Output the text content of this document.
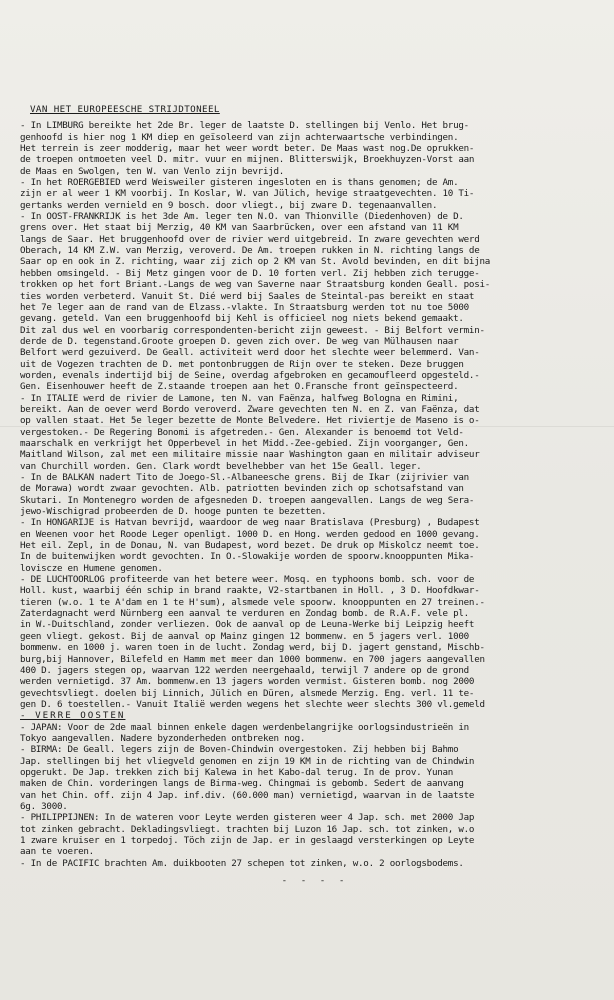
VAN HET EUROPEESCHE STRIJDTONEEL

- In LIMBURG bereikte het 2de Br. leger de laatste D. stellingen bij Venlo. Het brug-
genhoofd is hier nog 1 KM diep en geïsoleerd van zijn achterwaartsche verbindingen.
Het terrein is zeer modderig, maar het weer wordt beter. De Maas wast nog.De oprukken-
de troepen ontmoeten veel D. mitr. vuur en mijnen. Blitterswijk, Broekhuyzen-Vorst aan
de Maas en Swolgen, ten W. van Venlo zijn bevrijd.

- In het ROERGEBIED werd Weisweiler gisteren ingesloten en is thans genomen; de Am.
zijn er al weer 1 KM voorbij. In Koslar, W. van Jülich, hevige straatgevechten. 10 Ti-
gertanks werden vernield en 9 bosch. door vliegt., bij zware D. tegenaanvallen.

- In OOST-FRANKRIJK is het 3de Am. leger ten N.O. van Thionville (Diedenhoven) de D.
grens over. Het staat bij Merzig, 40 KM van Saarbrücken, over een afstand van 11 KM
langs de Saar. Het bruggenhoofd over de rivier werd uitgebreid. In zware gevechten werd
Oberach, 14 KM Z.W. van Merzig, veroverd. De Am. troepen rukken in N. richting langs de
Saar op en ook in Z. richting, waar zij zich op 2 KM van St. Avold bevinden, en dit bijna
hebben omsingeld. - Bij Metz gingen voor de D. 10 forten verl. Zij hebben zich terugge-
trokken op het fort Briant.-Langs de weg van Saverne naar Straatsburg konden Geall. posi-
ties worden verbeterd. Vanuit St. Dié werd bij Saales de Steintal-pas bereikt en staat
het 7e leger aan de rand van de Elzass.-vlakte. In Straatsburg werden tot nu toe 5000
gevang. geteld. Van een bruggenhoofd bij Kehl is officieel nog niets bekend gemaakt.
Dit zal dus wel en voorbarig correspondenten-bericht zijn geweest. - Bij Belfort vermin-
derde de D. tegenstand.Groote groepen D. geven zich over. De weg van Mülhausen naar
Belfort werd gezuiverd. De Geall. activiteit werd door het slechte weer belemmerd. Van-
uit de Vogezen trachten de D. met pontonbruggen de Rijn over te steken. Deze bruggen
worden, evenals indertijd bij de Seine, overdag afgebroken en gecamoufleerd opgesteld.-
Gen. Eisenhouwer heeft de Z.staande troepen aan het O.Fransche front geïnspecteerd.

- In ITALIE werd de rivier de Lamone, ten N. van Faënza, halfweg Bologna en Rimini,
bereikt. Aan de oever werd Bordo veroverd. Zware gevechten ten N. en Z. van Faënza, dat
op vallen staat. Het 5e leger bezette de Monte Belvedere. Het riviertje de Maseno is o-
vergestoken.- De Regering Bonomi is afgetreden.- Gen. Alexander is benoemd tot Veld-
maarschalk en verkrijgt het Opperbevel in het Midd.-Zee-gebied. Zijn voorganger, Gen.
Maitland Wilson, zal met een militaire missie naar Washington gaan en militair adviseur
van Churchill worden. Gen. Clark wordt bevelhebber van het 15e Geall. leger.

- In de BALKAN nadert Tito de Joego-Sl.-Albaneesche grens. Bij de Ikar (zijrivier van
de Morawa) wordt zwaar gevochten. Alb. patriotten bevinden zich op schotsafstand van
Skutari. In Montenegro worden de afgesneden D. troepen aangevallen. Langs de weg Sera-
jewo-Wischigrad probeerden de D. hooge punten te bezetten.

- In HONGARIJE is Hatvan bevrijd, waardoor de weg naar Bratislava (Presburg) , Budapest
en Weenen voor het Roode Leger openligt. 1000 D. en Hong. werden gedood en 1000 gevang.
Het eil. Zepl, in de Donau, N. van Budapest, word bezet. De druk op Miskolcz neemt toe.
In de buitenwijken wordt gevochten. In O.-Slowakije worden de spoorw.knooppunten Mika-
loviscze en Humene genomen.

- DE LUCHTOORLOG profiteerde van het betere weer. Mosq. en typhoons bomb. sch. voor de
Holl. kust, waarbij één schip in brand raakte, V2-startbanen in Holl. , 3 D. Hoofdkwar-
tieren (w.o. 1 te A'dam en 1 te H'sum), alsmede vele spoorw. knooppunten en 27 treinen.-
Zaterdagnacht werd Nürnberg een aanval te verduren en Zondag bomb. de R.A.F. vele pl.
in W.-Duitschland, zonder verliezen. Ook de aanval op de Leuna-Werke bij Leipzig heeft
geen vliegt. gekost. Bij de aanval op Mainz gingen 12 bommenw. en 5 jagers verl. 1000
bommenw. en 1000 j. waren toen in de lucht. Zondag werd, bij D. jagert genstand, Mischb-
burg,bij Hannover, Bilefeld en Hamm met meer dan 1000 bommenw. en 700 jagers aangevallen
400 D. jagers stegen op, waarvan 122 werden neergehaald, terwijl 7 andere op de grond
werden vernietigd. 37 Am. bommenw.en 13 jagers worden vermist. Gisteren bomb. nog 2000
gevechtsvliegt. doelen bij Linnich, Jülich en Düren, alsmede Merzig. Eng. verl. 11 te-
gen D. 6 toestellen.- Vanuit Italië werden wegens het slechte weer slechts 300 vl.gemeld

- VERRE OOSTEN

- JAPAN: Voor de 2de maal binnen enkele dagen werdenbelangrijke oorlogsindustrieën in
Tokyo aangevallen. Nadere byzonderheden ontbreken nog.

- BIRMA: De Geall. legers zijn de Boven-Chindwin overgestoken. Zij hebben bij Bahmo
Jap. stellingen bij het vliegveld genomen en zijn 19 KM in de richting van de Chindwin
opgerukt. De Jap. trekken zich bij Kalewa in het Kabo-dal terug. In de prov. Yunan
maken de Chin. vorderingen langs de Birma-weg. Chingmai is gebomb. Sedert de aanvang
van het Chin. off. zijn 4 Jap. inf.div. (60.000 man) vernietigd, waarvan in de laatste
6g. 3000.

- PHILIPPIJNEN: In de wateren voor Leyte werden gisteren weer 4 Jap. sch. met 2000 Jap
tot zinken gebracht. Dekladingsvliegt. trachten bij Luzon 16 Jap. sch. tot zinken, w.o
1 zware kruiser en 1 torpedoj. Töch zijn de Jap. er in geslaagd versterkingen op Leyte
aan te voeren.

- In de PACIFIC brachten Am. duikbooten 27 schepen tot zinken, w.o. 2 oorlogsbodems.

- - - -
